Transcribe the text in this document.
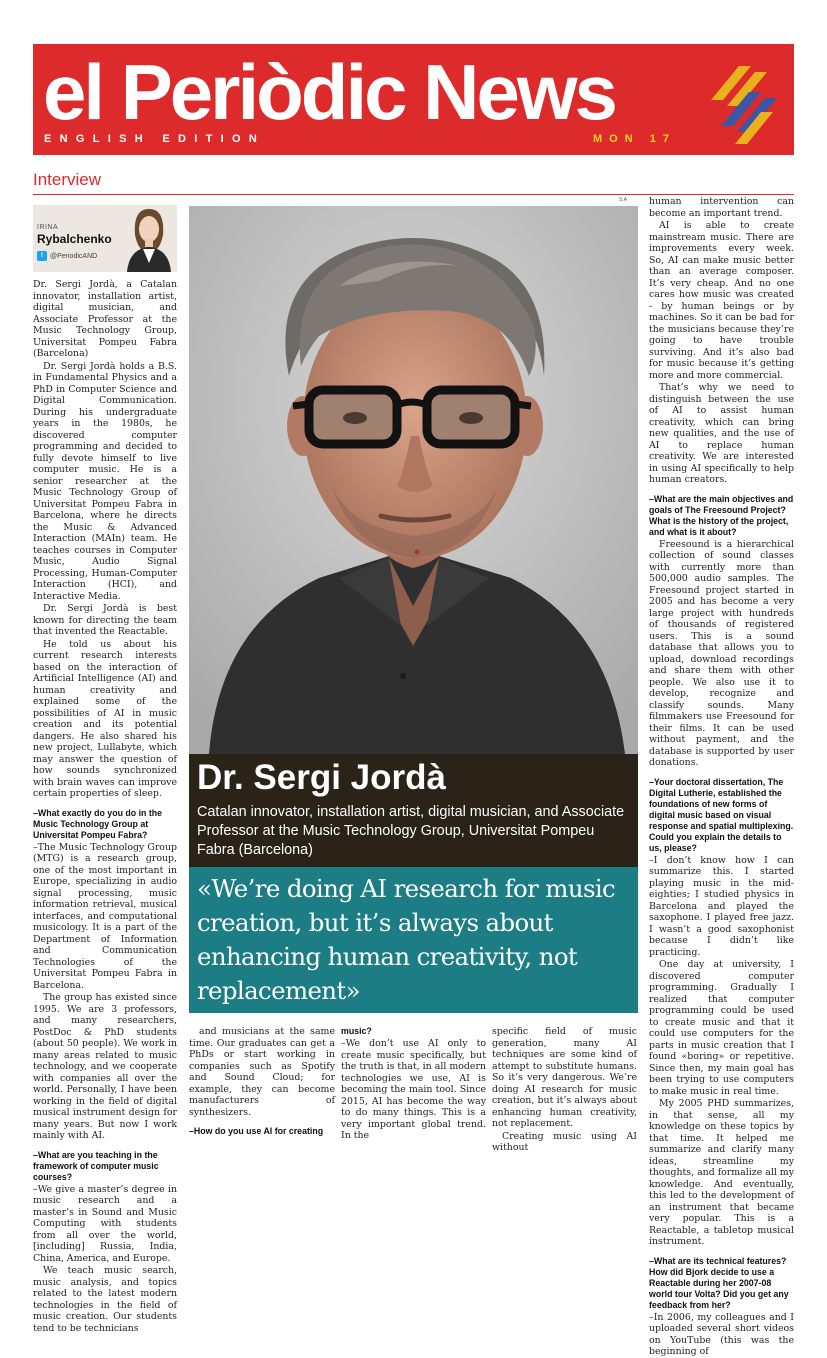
el Periòdic News
ENGLISH EDITION	MON 17
Interview
S.A
IRINA
Rybalchenko
t	@PeriodicAND

Dr. Sergi Jordà, a Catalan innovator, installation artist, digital musician, and Associate Professor at the Music Technology Group, Universitat Pompeu Fabra (Barcelona)

Dr. Sergi Jordà holds a B.S. in Fundamental Physics and a PhD in Computer Science and Digital Communication. During his undergraduate years in the 1980s, he discovered computer programming and decided to fully devote himself to live computer music. He is a senior researcher at the Music Technology Group of Universitat Pompeu Fabra in Barcelona, where he directs the Music & Advanced Interaction (MAIn) team. He teaches courses in Computer Music, Audio Signal Processing, Human-Computer Interaction (HCI), and Interactive Media.

Dr. Sergi Jordà is best known for directing the team that invented the Reactable.

He told us about his current research interests based on the interaction of Artificial Intelligence (AI) and human creativity and explained some of the possibilities of AI in music creation and its potential dangers. He also shared his new project, Lullabyte, which may answer the question of how sounds synchronized with brain waves can improve certain properties of sleep.

–What exactly do you do in the Music Technology Group at Universitat Pompeu Fabra?

–The Music Technology Group (MTG) is a research group, one of the most important in Europe, specializing in audio signal processing, music information retrieval, musical interfaces, and computational musicology. It is a part of the Department of Information and Communication Technologies of the Universitat Pompeu Fabra in Barcelona.

The group has existed since 1995. We are 3 professors, and many researchers, PostDoc & PhD students (about 50 people). We work in many areas related to music technology, and we cooperate with companies all over the world. Personally, I have been working in the field of digital musical instrument design for many years. But now I work mainly with AI.

–What are you teaching in the framework of computer music courses?

–We give a master’s degree in music research and a master’s in Sound and Music Computing with students from all over the world, [including] Russia, India, China, America, and Europe.

We teach music search, music analysis, and topics related to the latest modern technologies in the field of music creation. Our students tend to be technicians

Dr. Sergi Jordà
Catalan innovator, installation artist, digital musician, and Associate Professor at the Music Technology Group, Universitat Pompeu Fabra (Barcelona)
«We’re doing AI research for music creation, but it’s always about enhancing human creativity, not replacement»

and musicians at the same time. Our graduates can get a PhDs or start working in companies such as Spotify and Sound Cloud; for example, they can become manufacturers of synthesizers.

–How do you use AI for creating

music?

–We don’t use AI only to create music specifically, but the truth is that, in all modern technologies we use, AI is becoming the main tool. Since 2015, AI has become the way to do many things. This is a very important global trend. In the

specific field of music generation, many AI techniques are some kind of attempt to substitute humans. So it’s very dangerous. We’re doing AI research for music creation, but it’s always about enhancing human creativity, not replacement.

Creating music using AI without

human intervention can become an important trend.

AI is able to create mainstream music. There are improvements every week. So, AI can make music better than an average composer. It’s very cheap. And no one cares how music was created - by human beings or by machines. So it can be bad for the musicians because they’re going to have trouble surviving. And it’s also bad for music because it’s getting more and more commercial.

That’s why we need to distinguish between the use of AI to assist human creativity, which can bring new qualities, and the use of AI to replace human creativity. We are interested in using AI specifically to help human creators.

–What are the main objectives and goals of The Freesound Project? What is the history of the project, and what is it about?

Freesound is a hierarchical collection of sound classes with currently more than 500,000 audio samples. The Freesound project started in 2005 and has become a very large project with hundreds of thousands of registered users. This is a sound database that allows you to upload, download recordings and share them with other people. We also use it to develop, recognize and classify sounds. Many filmmakers use Freesound for their films. It can be used without payment, and the database is supported by user donations.

–Your doctoral dissertation, The Digital Lutherie, established the foundations of new forms of digital music based on visual response and spatial multiplexing. Could you explain the details to us, please?

–I don’t know how I can summarize this. I started playing music in the mid-eighties; I studied physics in Barcelona and played the saxophone. I played free jazz. I wasn’t a good saxophonist because I didn’t like practicing.

One day at university, I discovered computer programming. Gradually I realized that computer programming could be used to create music and that it could use computers for the parts in music creation that I found «boring» or repetitive. Since then, my main goal has been trying to use computers to make music in real time.

My 2005 PHD summarizes, in that sense, all my knowledge on these topics by that time. It helped me summarize and clarify many ideas, streamline my thoughts, and formalize all my knowledge. And eventually, this led to the development of an instrument that became very popular. This is a Reactable, a tabletop musical instrument.

–What are its technical features? How did Bjork decide to use a Reactable during her 2007-08 world tour Volta? Did you get any feedback from her?

–In 2006, my colleagues and I uploaded several short videos on YouTube (this was the beginning of
